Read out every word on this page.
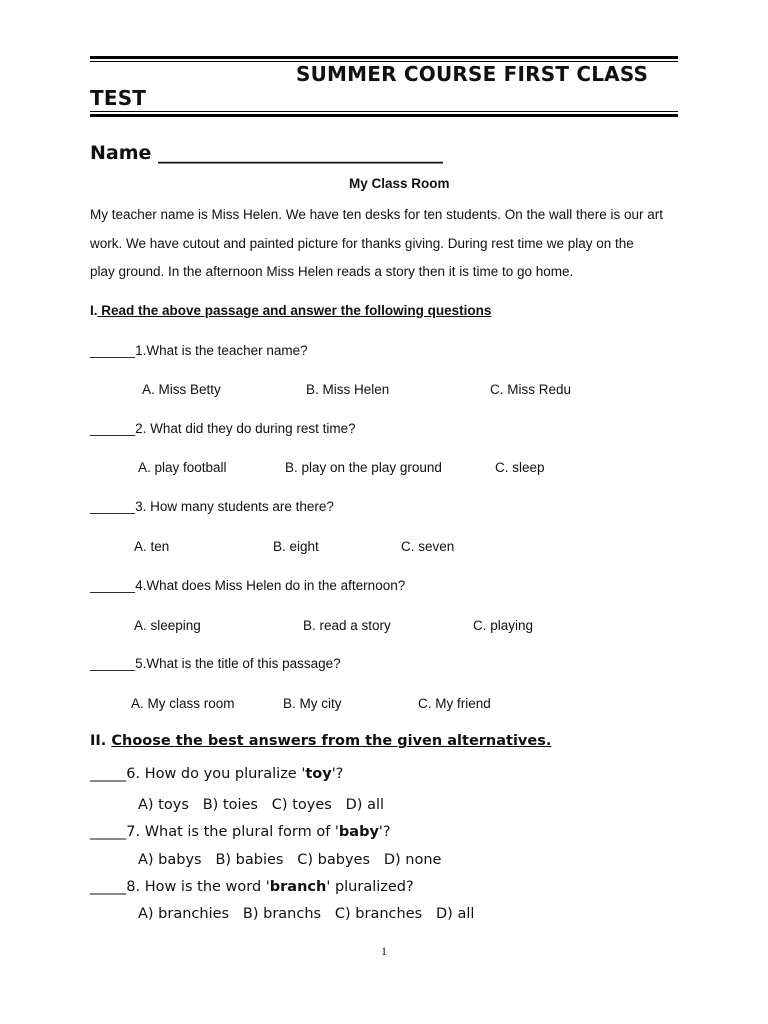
SUMMER COURSE FIRST CLASS
TEST
Name ______________________________
My Class Room

My teacher name is Miss Helen. We have ten desks for ten students. On the wall there is our art

work. We have cutout and painted picture for thanks giving. During rest time we play on the

play ground. In the afternoon Miss Helen reads a story then it is time to go home.

I. Read the above passage and answer the following questions
______1.What is the teacher name?
A. Miss Betty	B. Miss Helen	C. Miss Redu
______2. What did they do during rest time?
A. play football	B. play on the play ground	C. sleep
______3. How many students are there?
A. ten	B. eight	C. seven
______4.What does Miss Helen do in the afternoon?
A. sleeping	B. read a story	C. playing
______5.What is the title of this passage?
A. My class room	B. My city	C. My friend
II. Choose the best answers from the given alternatives.
_____6. How do you pluralize 'toy'?
A) toys   B) toies   C) toyes   D) all
_____7. What is the plural form of 'baby'?
A) babys   B) babies   C) babyes   D) none
_____8. How is the word 'branch' pluralized?
A) branchies   B) branchs   C) branches   D) all
1
